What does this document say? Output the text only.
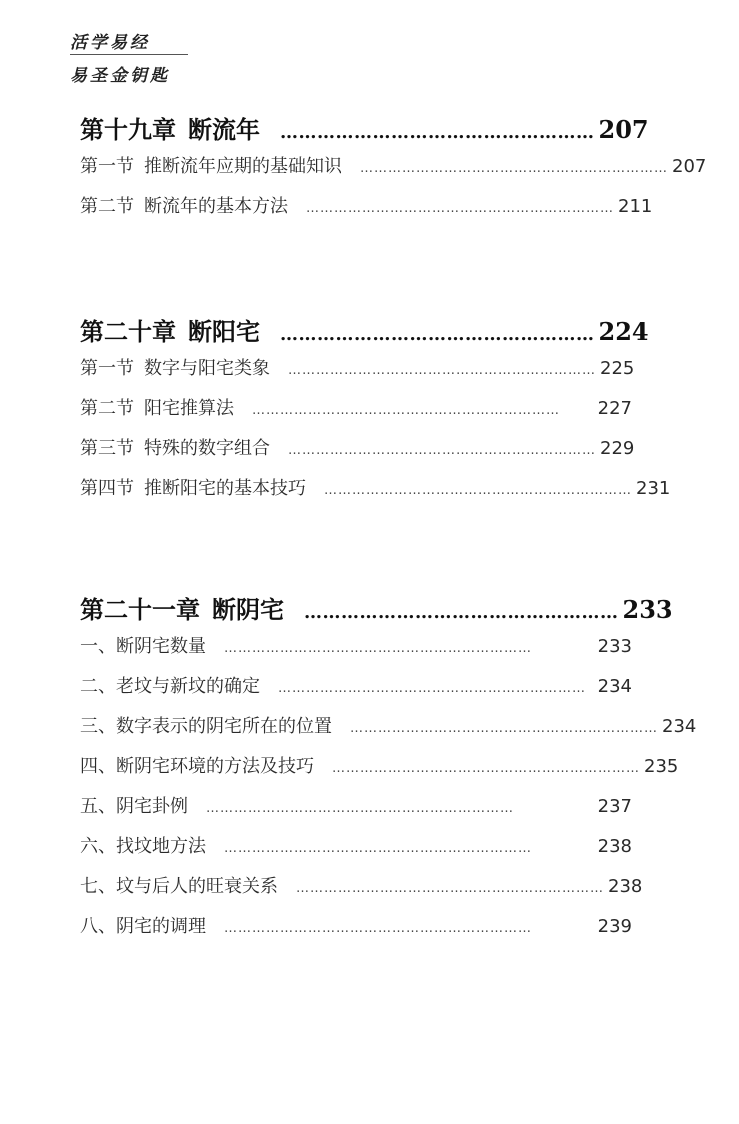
活学易经
易圣金钥匙
第十九章 断流年 …………………………………………… 207
第一节 推断流年应期的基础知识 ………………………………………………………… 207
第二节 断流年的基本方法 ………………………………………………………… 211
第二十章 断阳宅 …………………………………………… 224
第一节 数字与阳宅类象 ………………………………………………………… 225
第二节 阳宅推算法 …………………………………………………………	227
第三节 特殊的数字组合 ………………………………………………………… 229
第四节 推断阳宅的基本技巧 ………………………………………………………… 231
第二十一章 断阴宅 …………………………………………… 233
一、 断阴宅数量 …………………………………………………………	233
二、 老坟与新坟的确定 ………………………………………………………… 234
三、 数字表示的阴宅所在的位置 ………………………………………………………… 234
四、 断阴宅环境的方法及技巧 ………………………………………………………… 235
五、 阴宅卦例 …………………………………………………………	237
六、 找坟地方法 …………………………………………………………	238
七、 坟与后人的旺衰关系 ………………………………………………………… 238
八、 阴宅的调理 …………………………………………………………	239
